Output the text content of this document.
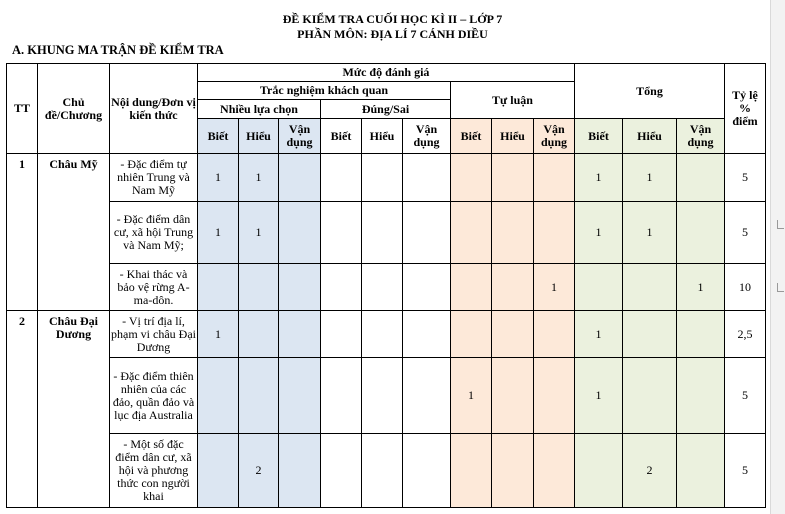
ĐỀ KIỂM TRA CUỐI HỌC KÌ II – LỚP 7
PHẦN MÔN: ĐỊA LÍ 7 CÁNH DIỀU
A. KHUNG MA TRẬN ĐỀ KIỂM TRA
TT	Chủ đề/Chương	Nội dung/Đơn vị kiến thức	Mức độ đánh giá									Tổng			Tỷ lệ % điểm
			Trắc nghiệm khách quan						Tự luận						
			Nhiều lựa chọn			Đúng/Sai									
			Biết	Hiểu	Vận dụng	Biết	Hiểu	Vận dụng	Biết	Hiểu	Vận dụng	Biết	Hiểu	Vận dụng	
1	Châu Mỹ	- Đặc điểm tự nhiên Trung và Nam Mỹ	1	1								1	1		5
		- Đặc điểm dân cư, xã hội Trung và Nam Mỹ;	1	1								1	1		5
		- Khai thác và bảo vệ rừng A-ma-dôn.									1			1	10
2	Châu Đại Dương	- Vị trí địa lí, phạm vi châu Đại Dương	1									1			2,5
		- Đặc điểm thiên nhiên của các đảo, quần đảo và lục địa Australia							1			1			5
		- Một số đặc điểm dân cư, xã hội và phương thức con người khai		2									2		5
